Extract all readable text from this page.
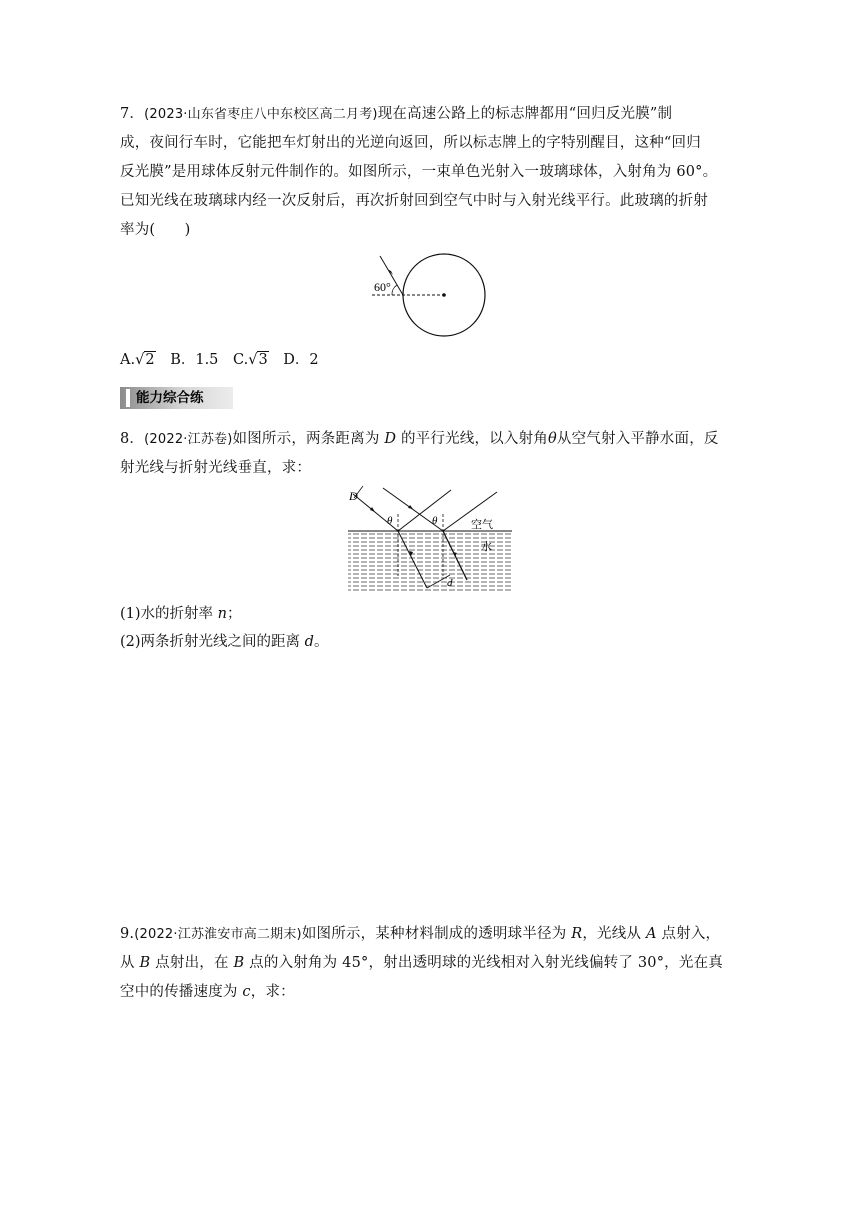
7．(2023·山东省枣庄八中东校区高二月考)现在高速公路上的标志牌都用“回归反光膜”制
成，夜间行车时，它能把车灯射出的光逆向返回，所以标志牌上的字特别醒目，这种“回归
反光膜”是用球体反射元件制作的。如图所示，一束单色光射入一玻璃球体，入射角为 60°。
已知光线在玻璃球内经一次反射后，再次折射回到空气中时与入射光线平行。此玻璃的折射
率为(　　)
60°
A.√2 B．1.5 C.√3 D．2
能力综合练
8．(2022·江苏卷)如图所示，两条距离为 D 的平行光线，以入射角θ从空气射入平静水面，反
射光线与折射光线垂直，求：
D
θ	θ	空气
水
d
(1)水的折射率 n；
(2)两条折射光线之间的距离 d。
9.(2022·江苏淮安市高二期末)如图所示，某种材料制成的透明球半径为 R，光线从 A 点射入，
从 B 点射出，在 B 点的入射角为 45°，射出透明球的光线相对入射光线偏转了 30°，光在真
空中的传播速度为 c，求：
